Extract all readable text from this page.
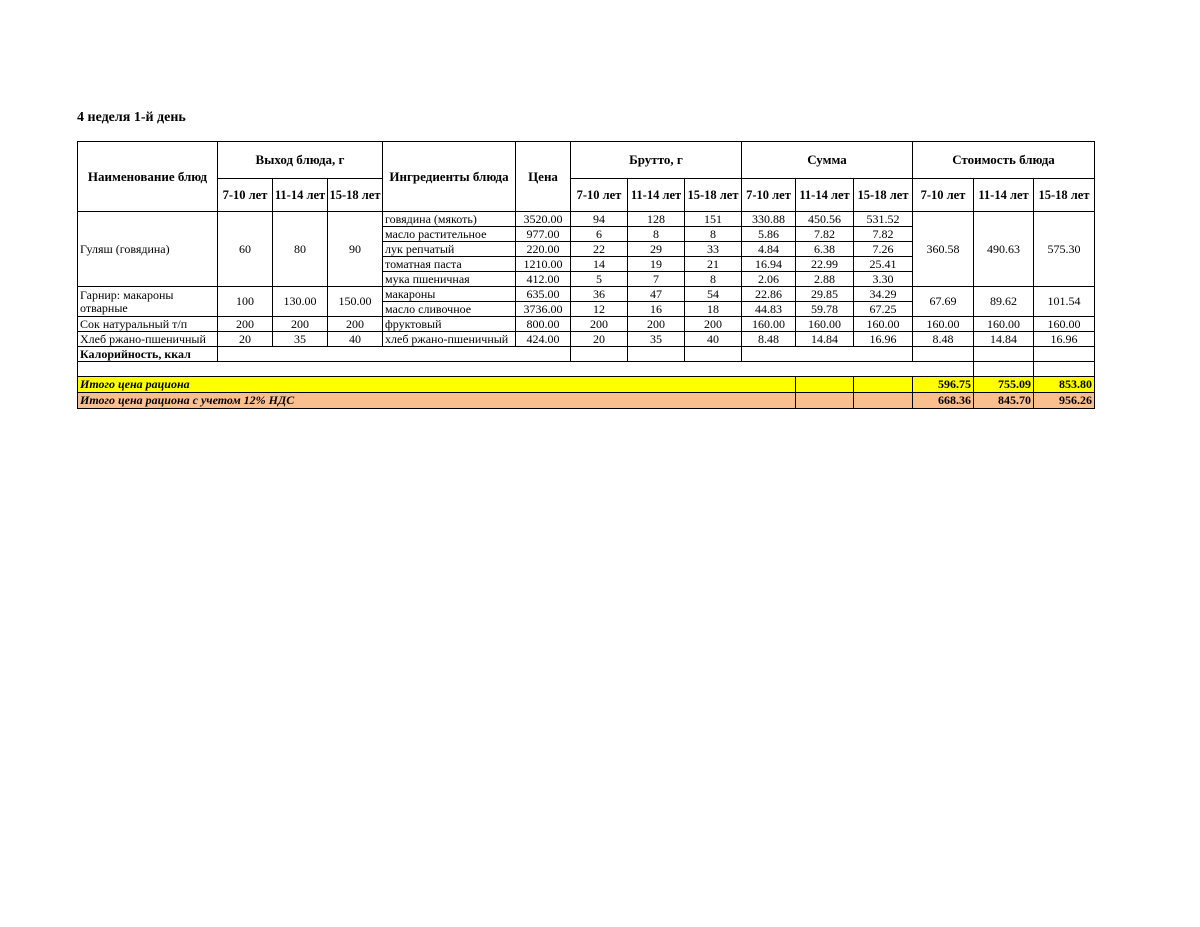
4 неделя 1-й день
Наименование блюд	Выход блюда, г			Ингредиенты блюда	Цена	Брутто, г			Сумма			Стоимость блюда		
	7-10 лет	11-14 лет	15-18 лет			7-10 лет	11-14 лет	15-18 лет	7-10 лет	11-14 лет	15-18 лет	7-10 лет	11-14 лет	15-18 лет
Гуляш (говядина)	60	80	90	говядина (мякоть)	3520.00	94	128	151	330.88	450.56	531.52	360.58	490.63	575.30
				масло растительное	977.00	6	8	8	5.86	7.82	7.82			
				лук репчатый	220.00	22	29	33	4.84	6.38	7.26			
				томатная паста	1210.00	14	19	21	16.94	22.99	25.41			
				мука пшеничная	412.00	5	7	8	2.06	2.88	3.30			
Гарнир: макароны отварные	100	130.00	150.00	макароны	635.00	36	47	54	22.86	29.85	34.29	67.69	89.62	101.54
				масло сливочное	3736.00	12	16	18	44.83	59.78	67.25			
Сок натуральный т/п	200	200	200	фруктовый	800.00	200	200	200	160.00	160.00	160.00	160.00	160.00	160.00
Хлеб ржано-пшеничный	20	35	40	хлеб ржано-пшеничный	424.00	20	35	40	8.48	14.84	16.96	8.48	14.84	16.96
Калорийность, ккал														

Итого цена рациона												596.75	755.09	853.80
Итого цена рациона с учетом 12% НДС												668.36	845.70	956.26
